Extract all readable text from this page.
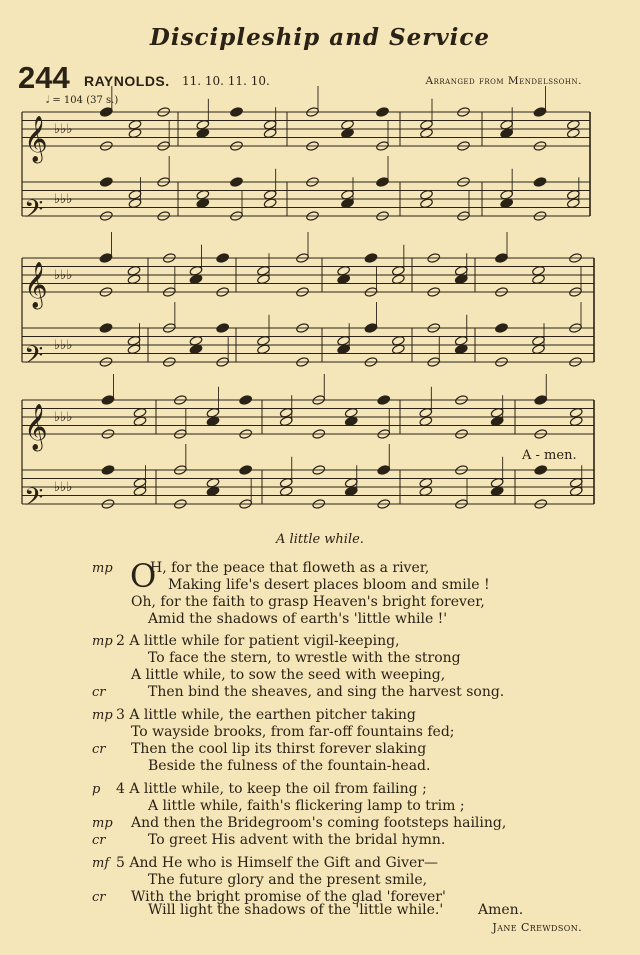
Discipleship and Service
244 RAYNOLDS. 11. 10. 11. 10.	Arranged from Mendelssohn.
𝅗𝅥 = 104 (37 s.)
𝄞 ♭♭♭
𝄢 ♭♭♭
𝄞 ♭♭♭
𝄢 ♭♭♭
𝄞 ♭♭♭
𝄢 ♭♭♭
A - men.
A little while.
mp O
H, for the peace that floweth as a river,
Making life's desert places bloom and smile !
Oh, for the faith to grasp Heaven's bright forever,
Amid the shadows of earth's 'little while !'
mp 2 A little while for patient vigil-keeping,
To face the stern, to wrestle with the strong
A little while, to sow the seed with weeping,
cr	Then bind the sheaves, and sing the harvest song.
mp 3 A little while, the earthen pitcher taking
To wayside brooks, from far-off fountains fed;
cr Then the cool lip its thirst forever slaking
Beside the fulness of the fountain-head.
p 4 A little while, to keep the oil from failing ;
A little while, faith's flickering lamp to trim ;
mp And then the Bridegroom's coming footsteps hailing,
cr	To greet His advent with the bridal hymn.
mf 5 And He who is Himself the Gift and Giver—
The future glory and the present smile,
cr With the bright promise of the glad 'forever'
Will light the shadows of the 'little while.' Amen.
Jane Crewdson.
